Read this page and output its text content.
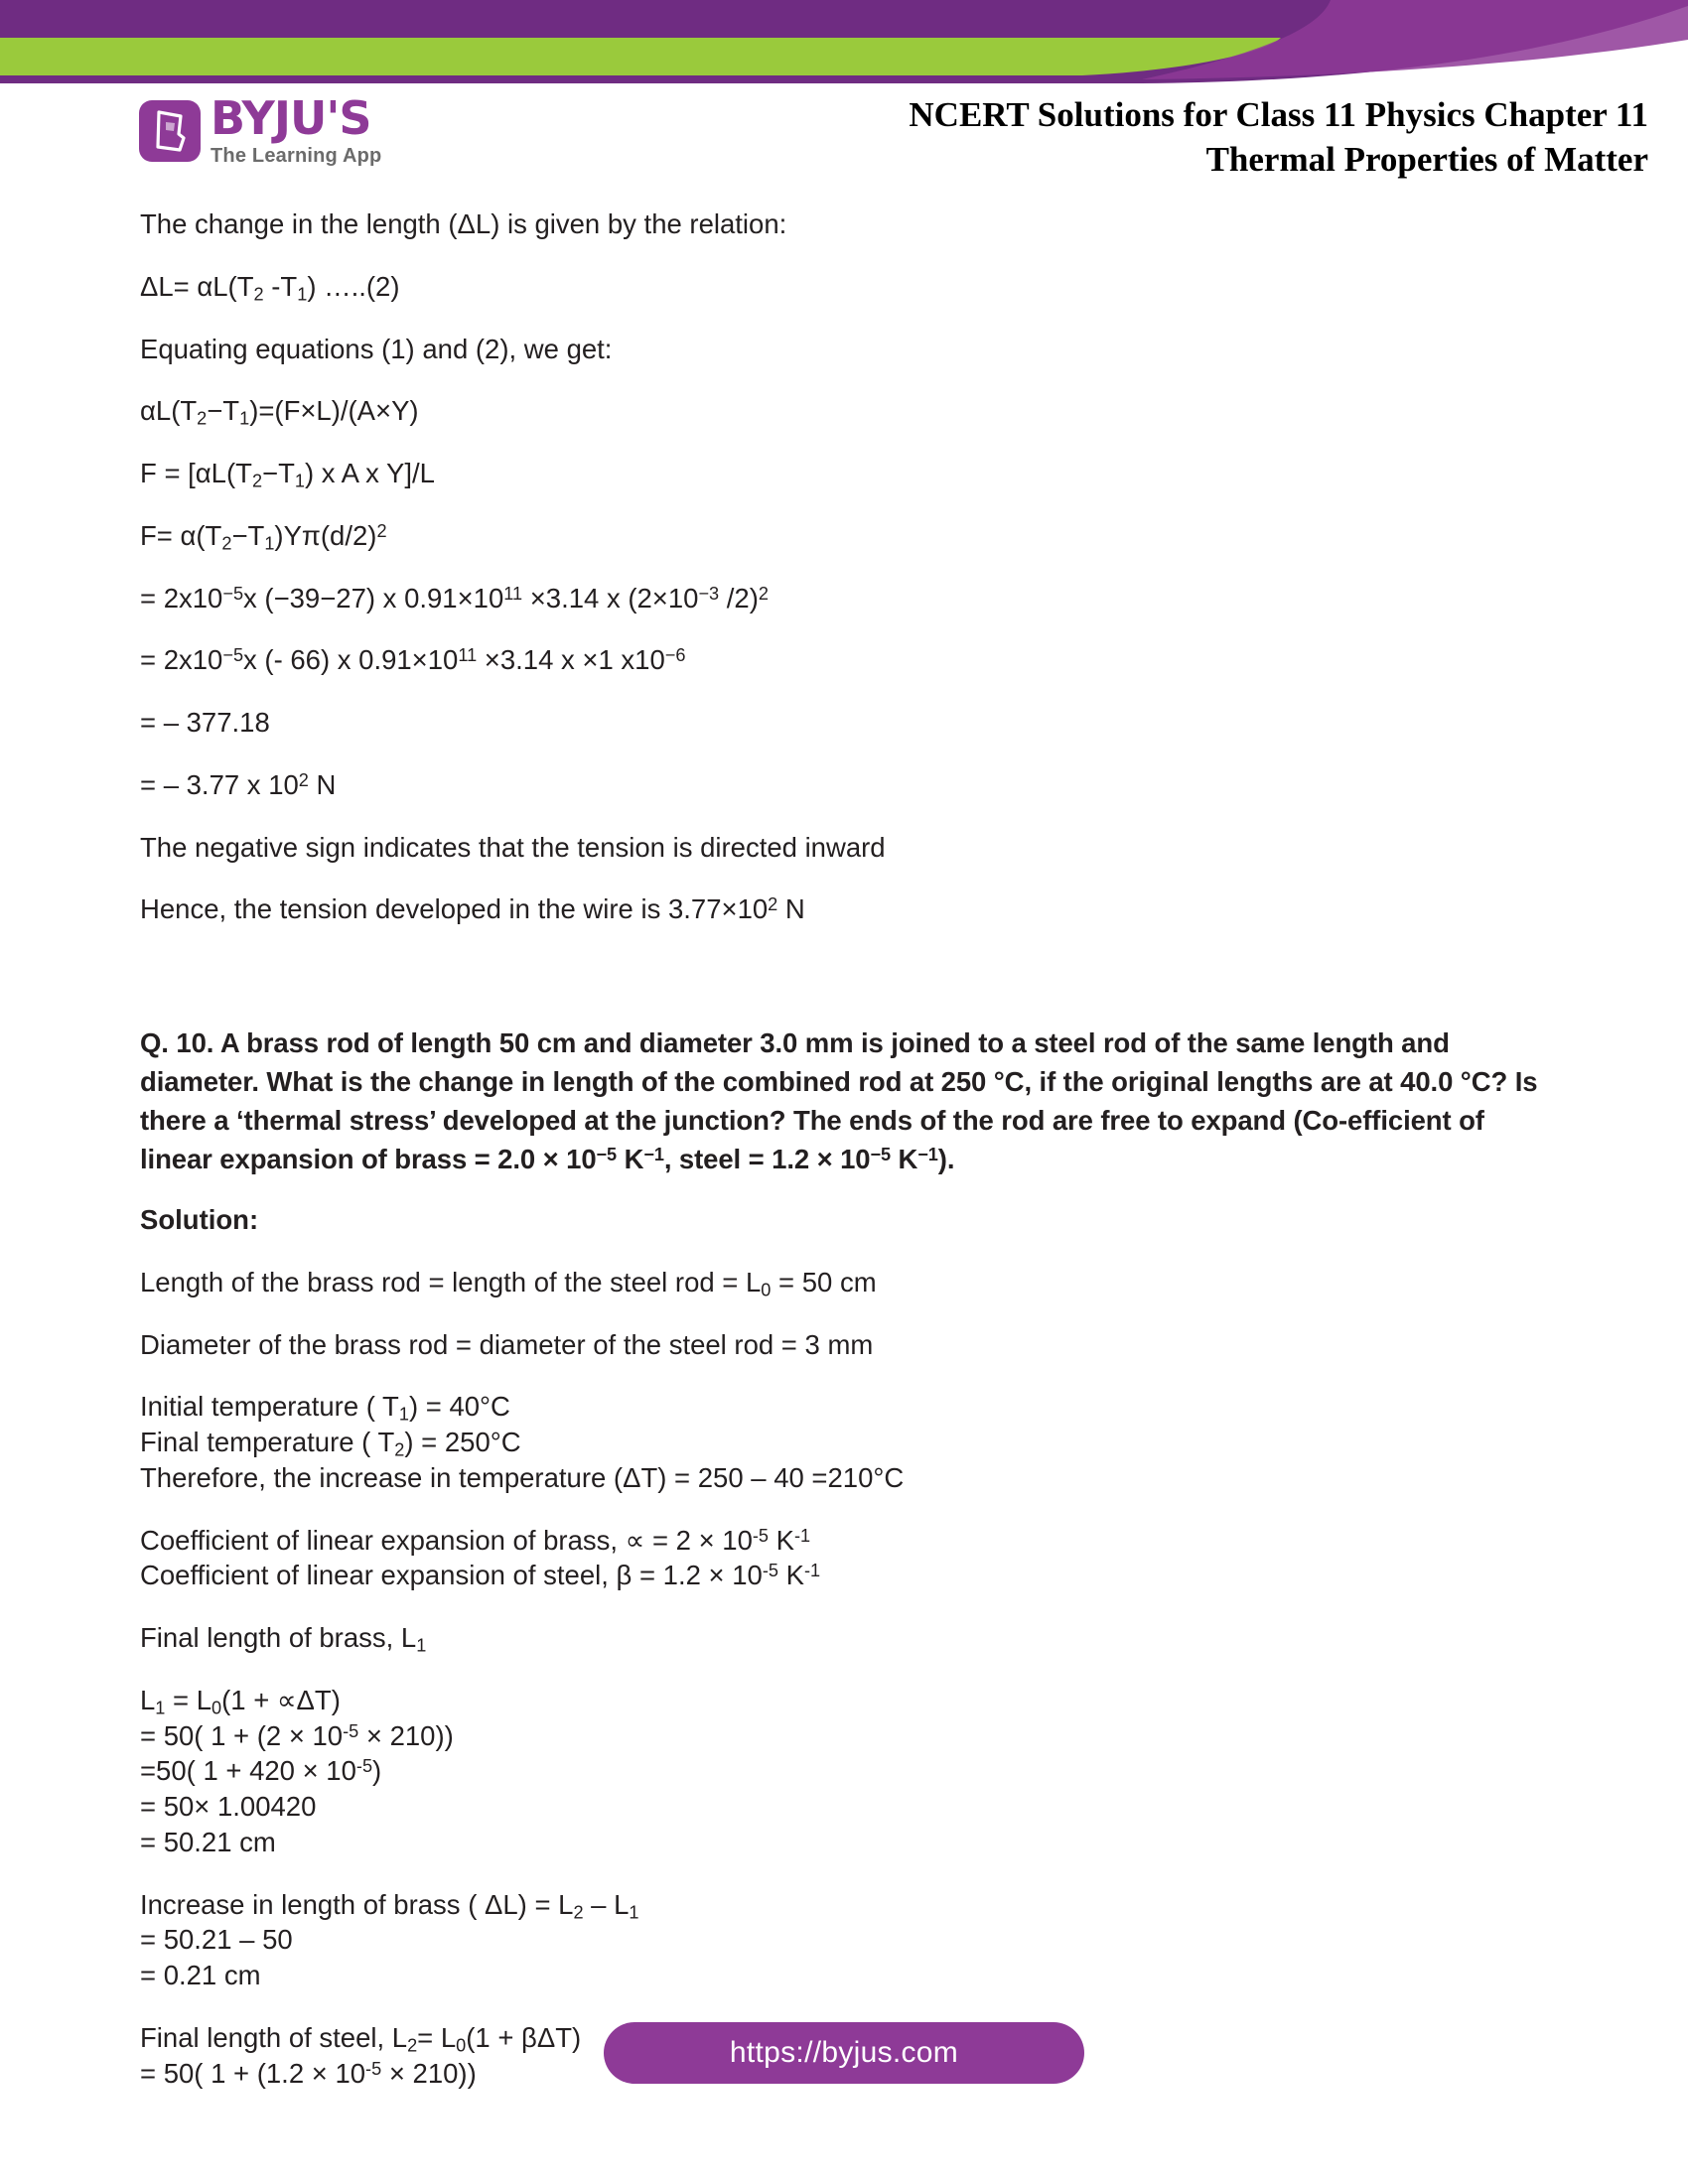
BYJU'S
The Learning App
NCERT Solutions for Class 11 Physics Chapter 11
Thermal Properties of Matter
The change in the length (ΔL) is given by the relation:
$\Delta L= \alpha L(T_2$ $-T_1$) …..(2)
Equating equations (1) and (2), we get:
$\alpha L(T_2-T_1)=(F\times L)/(A\times Y)$
$F = [\alpha L(T_2-T_1)$ x A x Y]/L
$F= \alpha(T_2-T_1)Y\pi(d/2)^2$
= $2x10^{-5}x$ (−39−27) x $0.91\times 10^{11} \times 3.14$ x ($2\times 10^{-3}$ /2)$^2$
= $2x10^{-5}x$ (- 66) x $0.91\times 10^{11} \times 3.14$ x ×1 $x10^{-6}$
= – 377.18
= – 3.77 x $10^2$ N
The negative sign indicates that the tension is directed inward
Hence, the tension developed in the wire is $3.77\times 10^2$ N
Q. 10. A brass rod of length 50 cm and diameter 3.0 mm is joined to a steel rod of the same length and diameter. What is the change in length of the combined rod at 250 °C, if the original lengths are at 40.0 °C? Is there a ‘thermal stress’ developed at the junction? The ends of the rod are free to expand (Co-efficient of linear expansion of brass = $2.0 \times 10^{-5}$ $K^{-1}$, steel = $1.2 \times 10^{-5}$ $K^{-1}$).
Solution:
Length of the brass rod = length of the steel rod = $L_0 = 50$ cm
Diameter of the brass rod = diameter of the steel rod = 3 mm
Initial temperature ( $T_1) = 40^\circ C$
Final temperature ( $T_2) = 250^\circ C$
Therefore, the increase in temperature (ΔT) = 250 – 40 =210°C
Coefficient of linear expansion of brass, ∝ = $2 \times 10^{-5}$ $K^{-1}$
Coefficient of linear expansion of steel, $\beta = 1.2 \times 10^{-5}$ $K^{-1}$
Final length of brass, $L_1$
$L_1 = L_0(1 + \propto\Delta T)$
= 50( $1 + (2 \times 10^{-5} \times 210)$)
=50( $1 + 420 \times 10^{-5}$)
= 50× 1.00420
= 50.21 cm
Increase in length of brass ( $\Delta L) = L_2 - L_1$
= 50.21 – 50
= 0.21 cm
Final length of steel, $L_2= L_0(1 + \beta\Delta T)$
= 50( $1 + (1.2 \times 10^{-5} \times 210)$)
https://byjus.com
